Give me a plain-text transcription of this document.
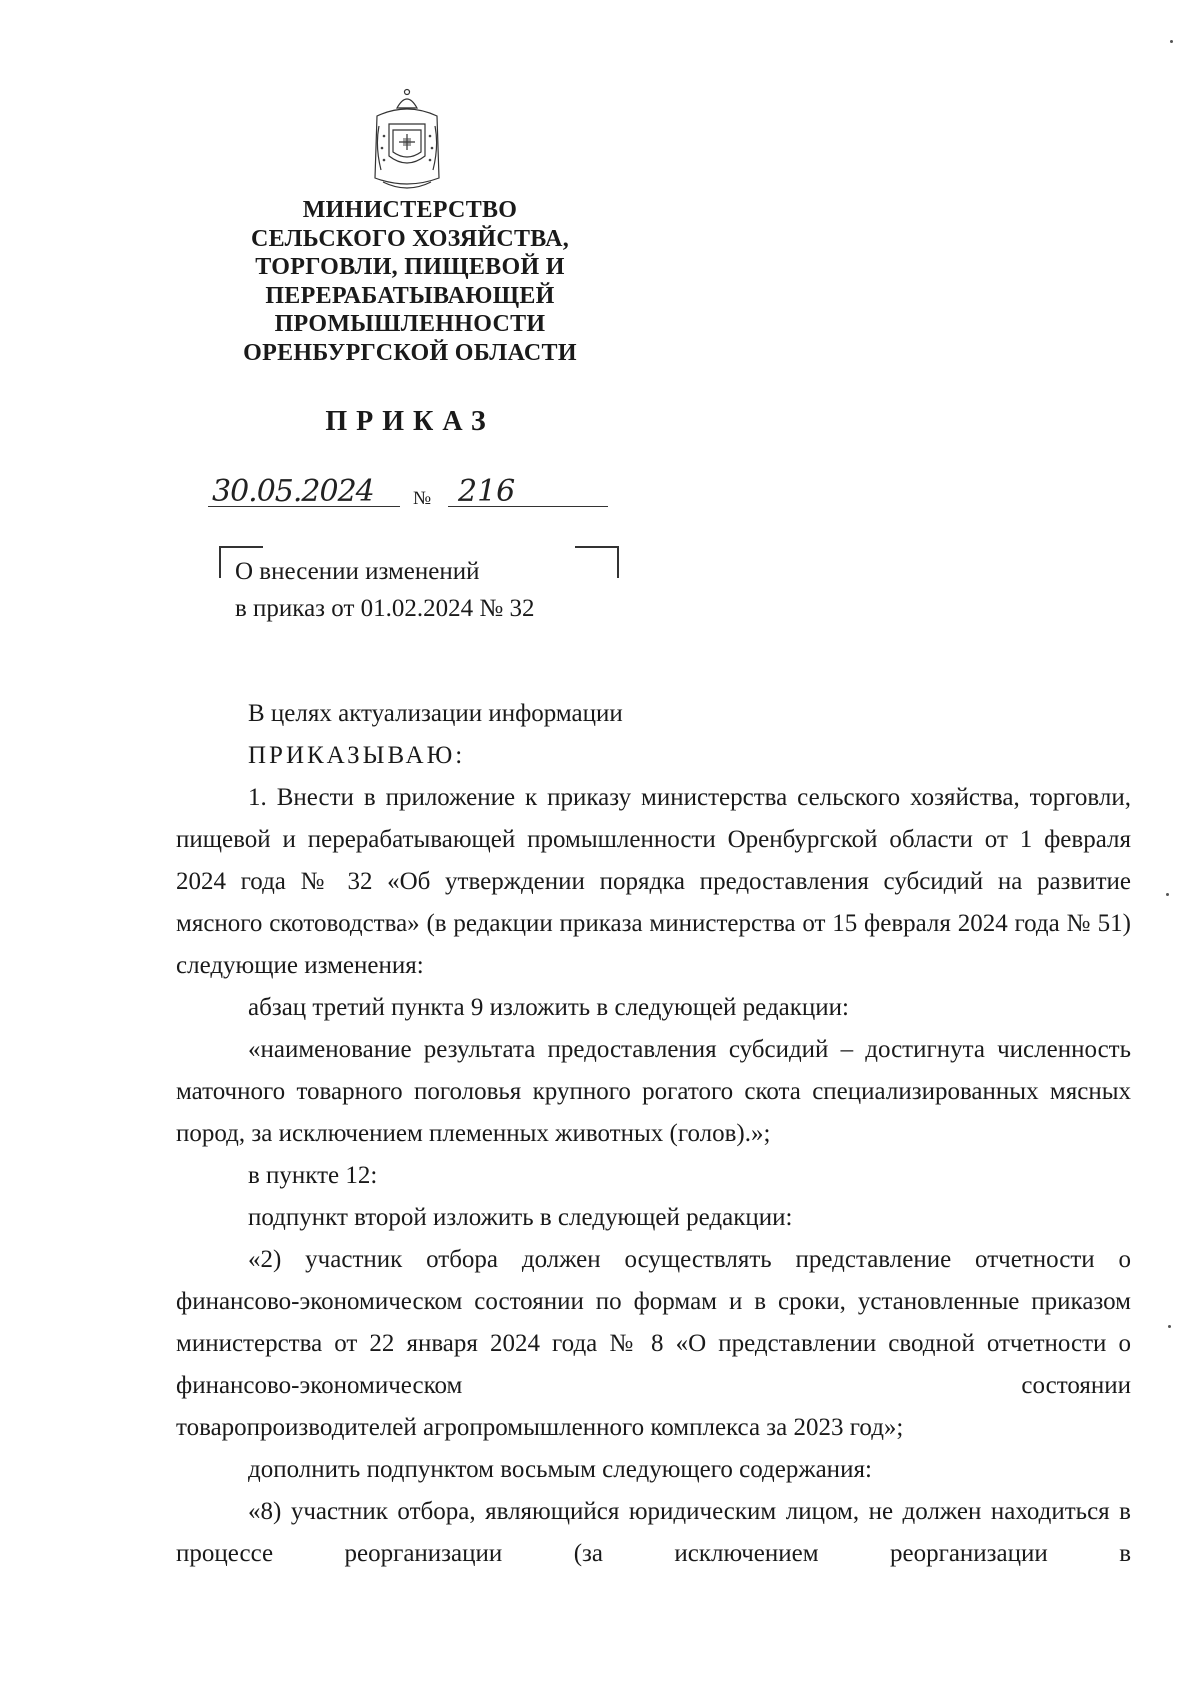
МИНИСТЕРСТВО
СЕЛЬСКОГО ХОЗЯЙСТВА,
ТОРГОВЛИ, ПИЩЕВОЙ И
ПЕРЕРАБАТЫВАЮЩЕЙ
ПРОМЫШЛЕННОСТИ
ОРЕНБУРГСКОЙ ОБЛАСТИ
ПРИКАЗ
30.05.2024 № 216
О внесении изменений
в приказ от 01.02.2024 № 32
В целях актуализации информации
ПРИКАЗЫВАЮ:
1. Внести в приложение к приказу министерства сельского хозяйства, торговли, пищевой и перерабатывающей промышленности Оренбургской области от 1 февраля 2024 года № 32 «Об утверждении порядка предоставления субсидий на развитие мясного скотоводства» (в редакции приказа министерства от 15 февраля 2024 года № 51) следующие изменения:
абзац третий пункта 9 изложить в следующей редакции:
«наименование результата предоставления субсидий – достигнута численность маточного товарного поголовья крупного рогатого скота специализированных мясных пород, за исключением племенных животных (голов).»;
в пункте 12:
подпункт второй изложить в следующей редакции:
«2) участник отбора должен осуществлять представление отчетности о финансово-экономическом состоянии по формам и в сроки, установленные приказом министерства от 22 января 2024 года № 8 «О представлении сводной отчетности о финансово-экономическом состоянии
товаропроизводителей агропромышленного комплекса за 2023 год»;
дополнить подпунктом восьмым следующего содержания:
«8) участник отбора, являющийся юридическим лицом, не должен находиться в процессе реорганизации (за исключением реорганизации в
